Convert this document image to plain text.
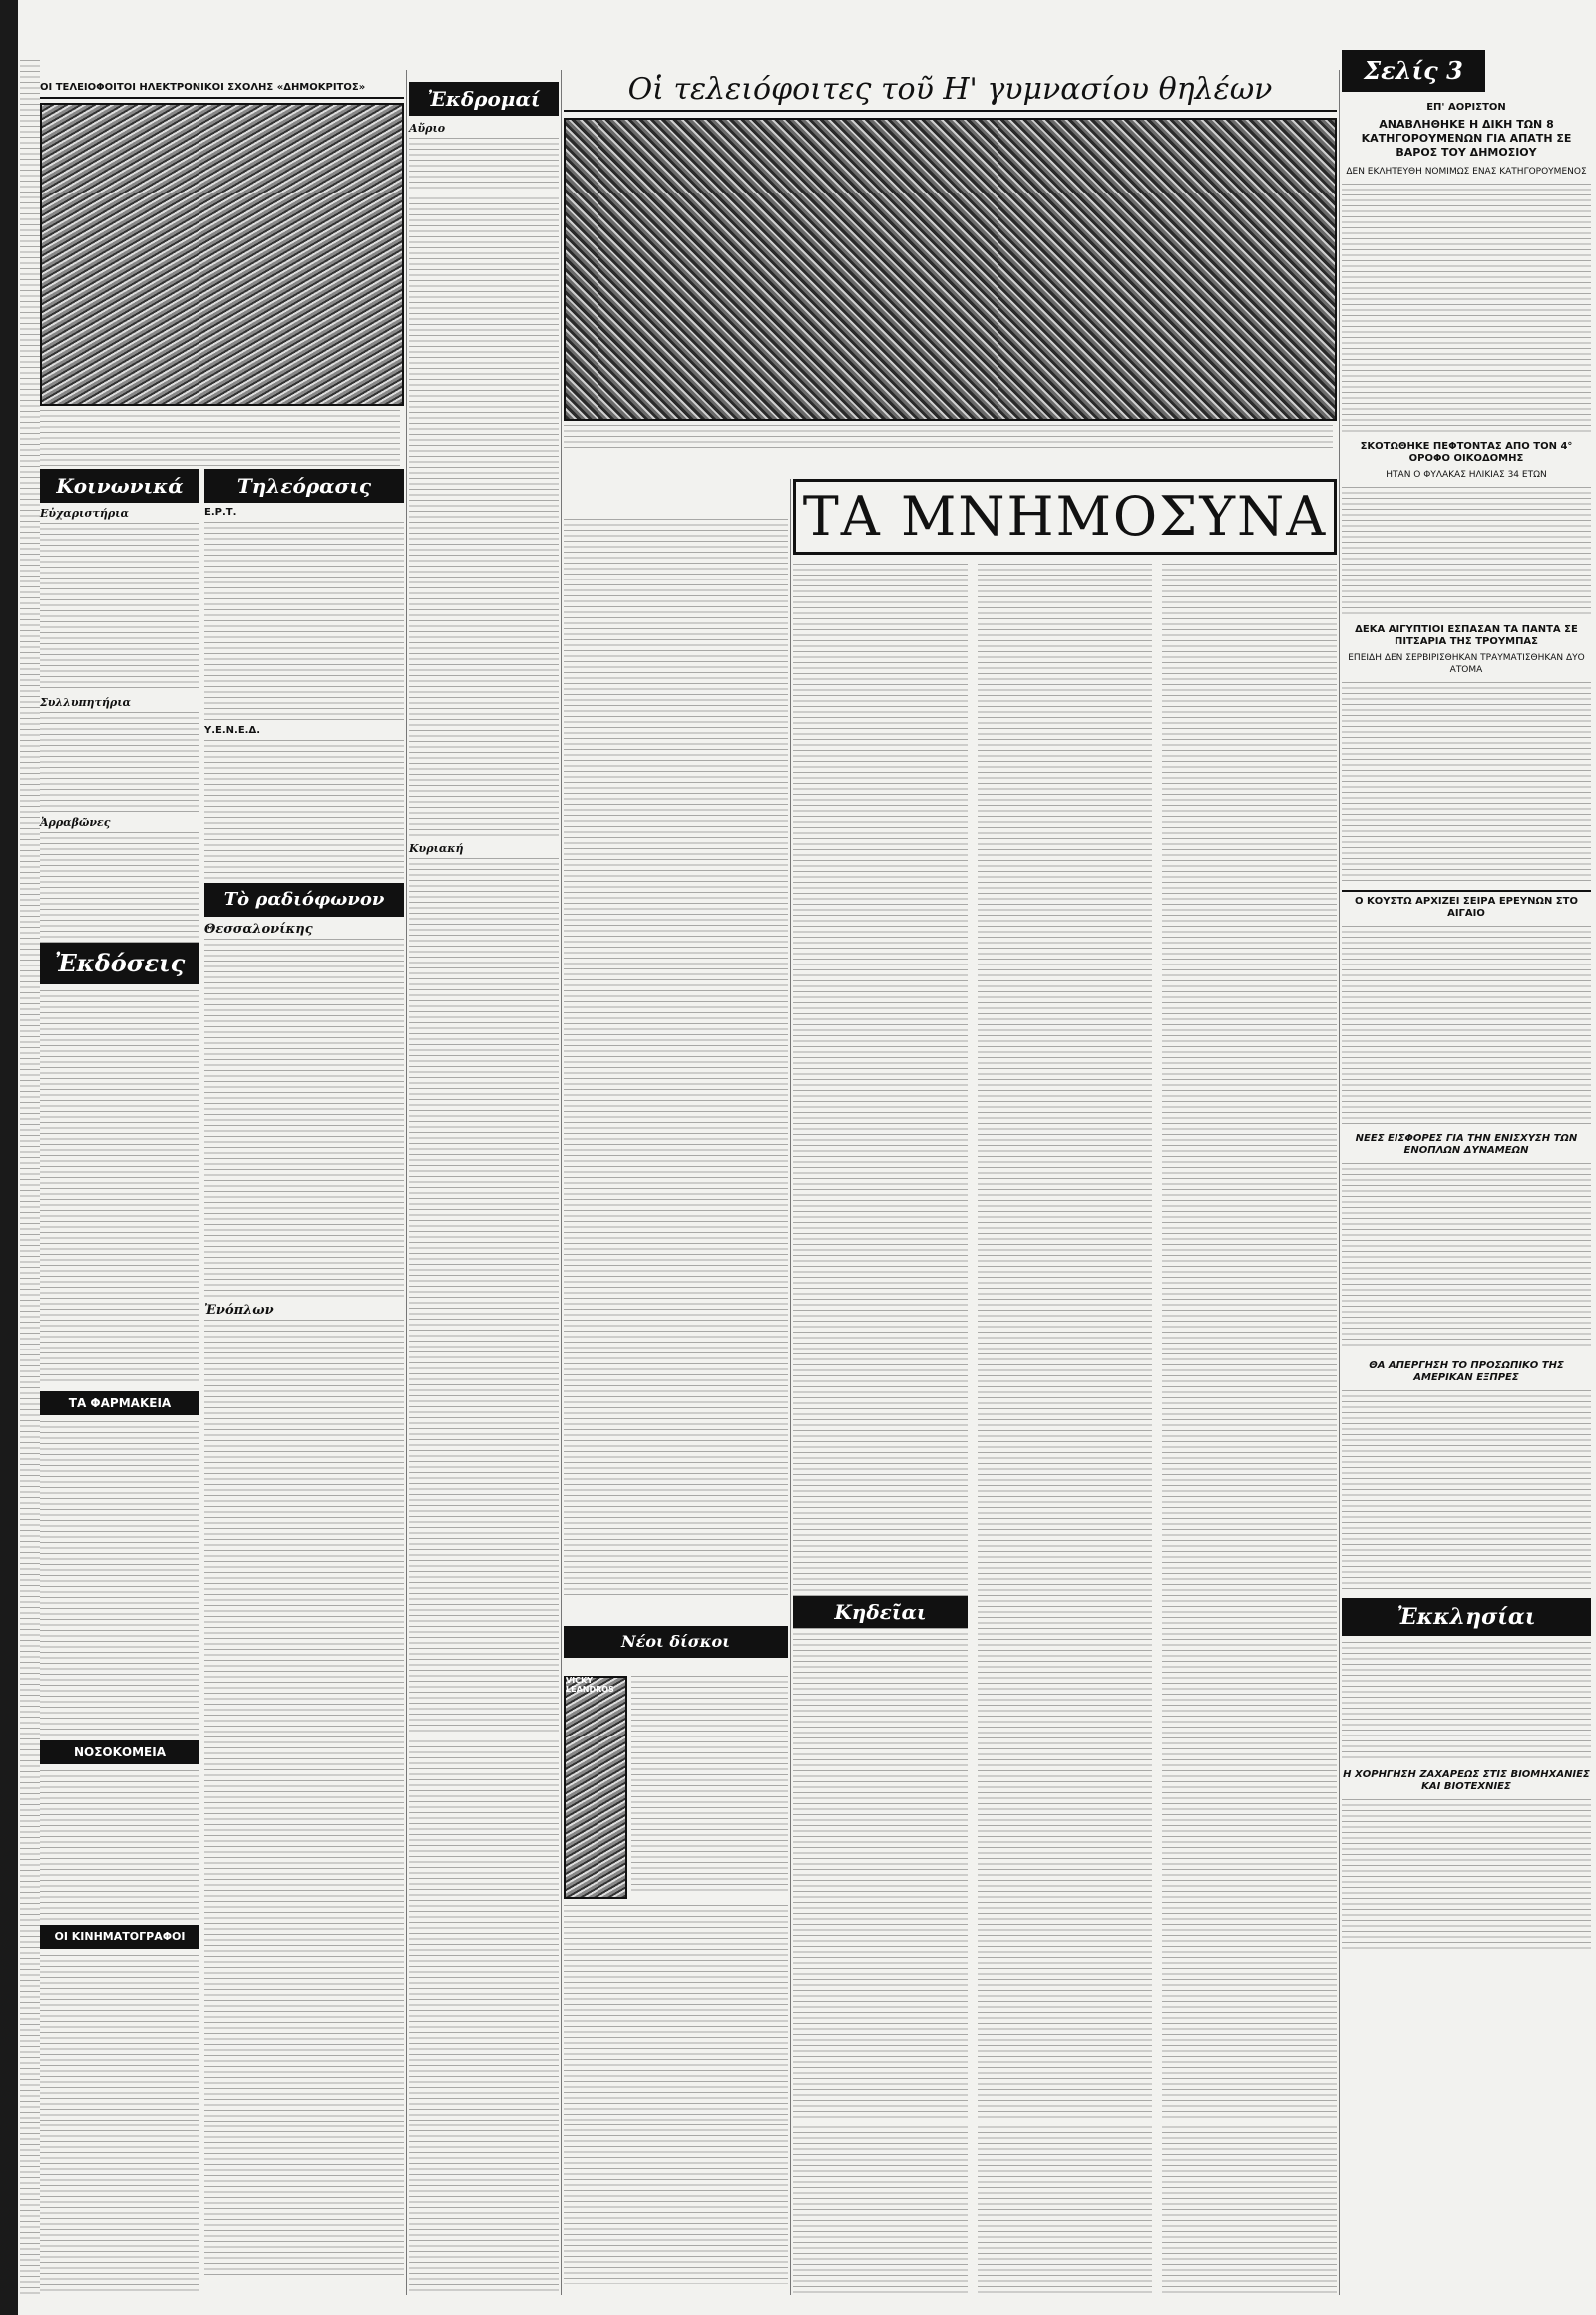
ΟΙ ΤΕΛΕΙΟΦΟΙΤΟΙ ΗΛΕΚΤΡΟΝΙΚΟΙ ΣΧΟΛΗΣ «ΔΗΜΟΚΡΙΤΟΣ»
Κοινωνικά
Εὐχαριστήρια
Συλλυπητήρια
Ἀρραβῶνες
Ἐκδόσεις
ΤΑ ΦΑΡΜΑΚΕΙΑ
ΝΟΣΟΚΟΜΕΙΑ
ΟΙ ΚΙΝΗΜΑΤΟΓΡΑΦΟΙ
Τηλεόρασις
Ε.Ρ.Τ.
Υ.Ε.Ν.Ε.Δ.
Τὸ ραδιόφωνον
Θεσσαλονίκης
Ἐνόπλων
Ἐκδρομαί
Αὔριο
Κυριακή
Οἱ τελειόφοιτες τοῦ Η' γυμνασίου θηλέων
Νέοι δίσκοι
VICKY LEANDROS
ΤΑ ΜΝΗΜΟΣΥΝΑ
Κηδεῖαι
Σελίς 3
ΕΠ' ΑΟΡΙΣΤΟΝ
ΑΝΑΒΛΗΘΗΚΕ Η ΔΙΚΗ ΤΩΝ 8 ΚΑΤΗΓΟΡΟΥΜΕΝΩΝ ΓΙΑ ΑΠΑΤΗ ΣΕ ΒΑΡΟΣ ΤΟΥ ΔΗΜΟΣΙΟΥ
ΔΕΝ ΕΚΛΗΤΕΥΘΗ ΝΟΜΙΜΩΣ ΕΝΑΣ ΚΑΤΗΓΟΡΟΥΜΕΝΟΣ
ΣΚΟΤΩΘΗΚΕ ΠΕΦΤΟΝΤΑΣ ΑΠΟ ΤΟΝ 4° ΟΡΟΦΟ ΟΙΚΟΔΟΜΗΣ
ΗΤΑΝ Ο ΦΥΛΑΚΑΣ ΗΛΙΚΙΑΣ 34 ΕΤΩΝ
ΔΕΚΑ ΑΙΓΥΠΤΙΟΙ ΕΣΠΑΣΑΝ ΤΑ ΠΑΝΤΑ ΣΕ ΠΙΤΣΑΡΙΑ ΤΗΣ ΤΡΟΥΜΠΑΣ
ΕΠΕΙΔΗ ΔΕΝ ΣΕΡΒΙΡΙΣΘΗΚΑΝ ΤΡΑΥΜΑΤΙΣΘΗΚΑΝ ΔΥΟ ΑΤΟΜΑ
Ο ΚΟΥΣΤΩ ΑΡΧΙΖΕΙ ΣΕΙΡΑ ΕΡΕΥΝΩΝ ΣΤΟ ΑΙΓΑΙΟ
ΝΕΕΣ ΕΙΣΦΟΡΕΣ ΓΙΑ ΤΗΝ ΕΝΙΣΧΥΣΗ ΤΩΝ ΕΝΟΠΛΩΝ ΔΥΝΑΜΕΩΝ
ΘΑ ΑΠΕΡΓΗΣΗ ΤΟ ΠΡΟΣΩΠΙΚΟ ΤΗΣ ΑΜΕΡΙΚΑΝ ΕΞΠΡΕΣ
Ἐκκλησίαι
Η ΧΟΡΗΓΗΣΗ ΖΑΧΑΡΕΩΣ ΣΤΙΣ ΒΙΟΜΗΧΑΝΙΕΣ ΚΑΙ ΒΙΟΤΕΧΝΙΕΣ
